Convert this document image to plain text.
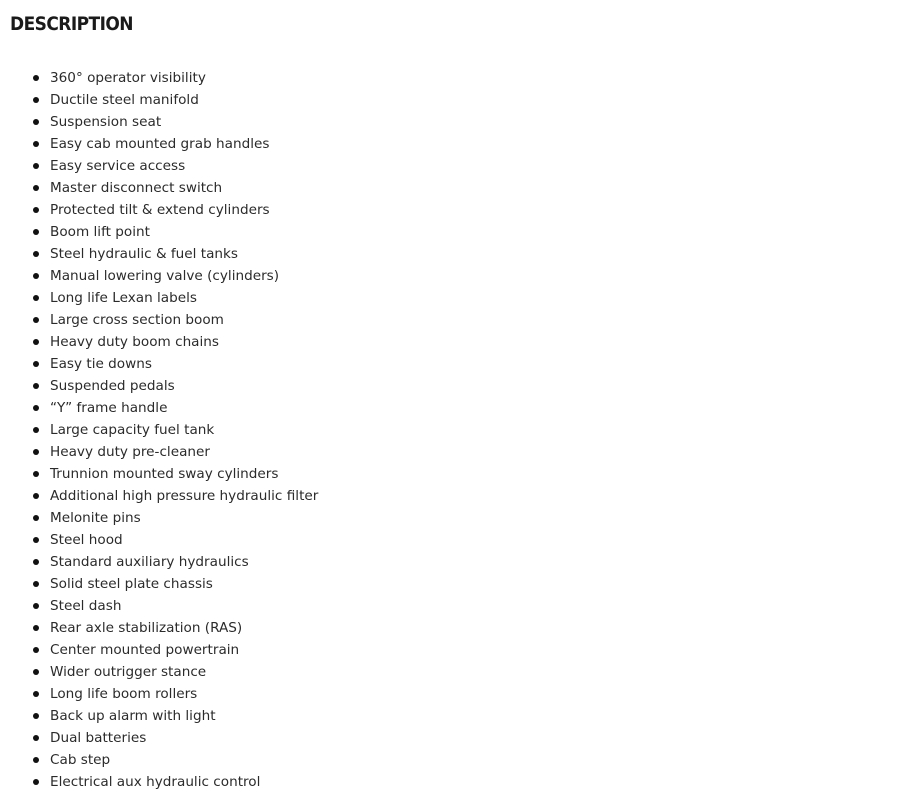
DESCRIPTION
360° operator visibility
Ductile steel manifold
Suspension seat
Easy cab mounted grab handles
Easy service access
Master disconnect switch
Protected tilt & extend cylinders
Boom lift point
Steel hydraulic & fuel tanks
Manual lowering valve (cylinders)
Long life Lexan labels
Large cross section boom
Heavy duty boom chains
Easy tie downs
Suspended pedals
“Y” frame handle
Large capacity fuel tank
Heavy duty pre-cleaner
Trunnion mounted sway cylinders
Additional high pressure hydraulic filter
Melonite pins
Steel hood
Standard auxiliary hydraulics
Solid steel plate chassis
Steel dash
Rear axle stabilization (RAS)
Center mounted powertrain
Wider outrigger stance
Long life boom rollers
Back up alarm with light
Dual batteries
Cab step
Electrical aux hydraulic control
